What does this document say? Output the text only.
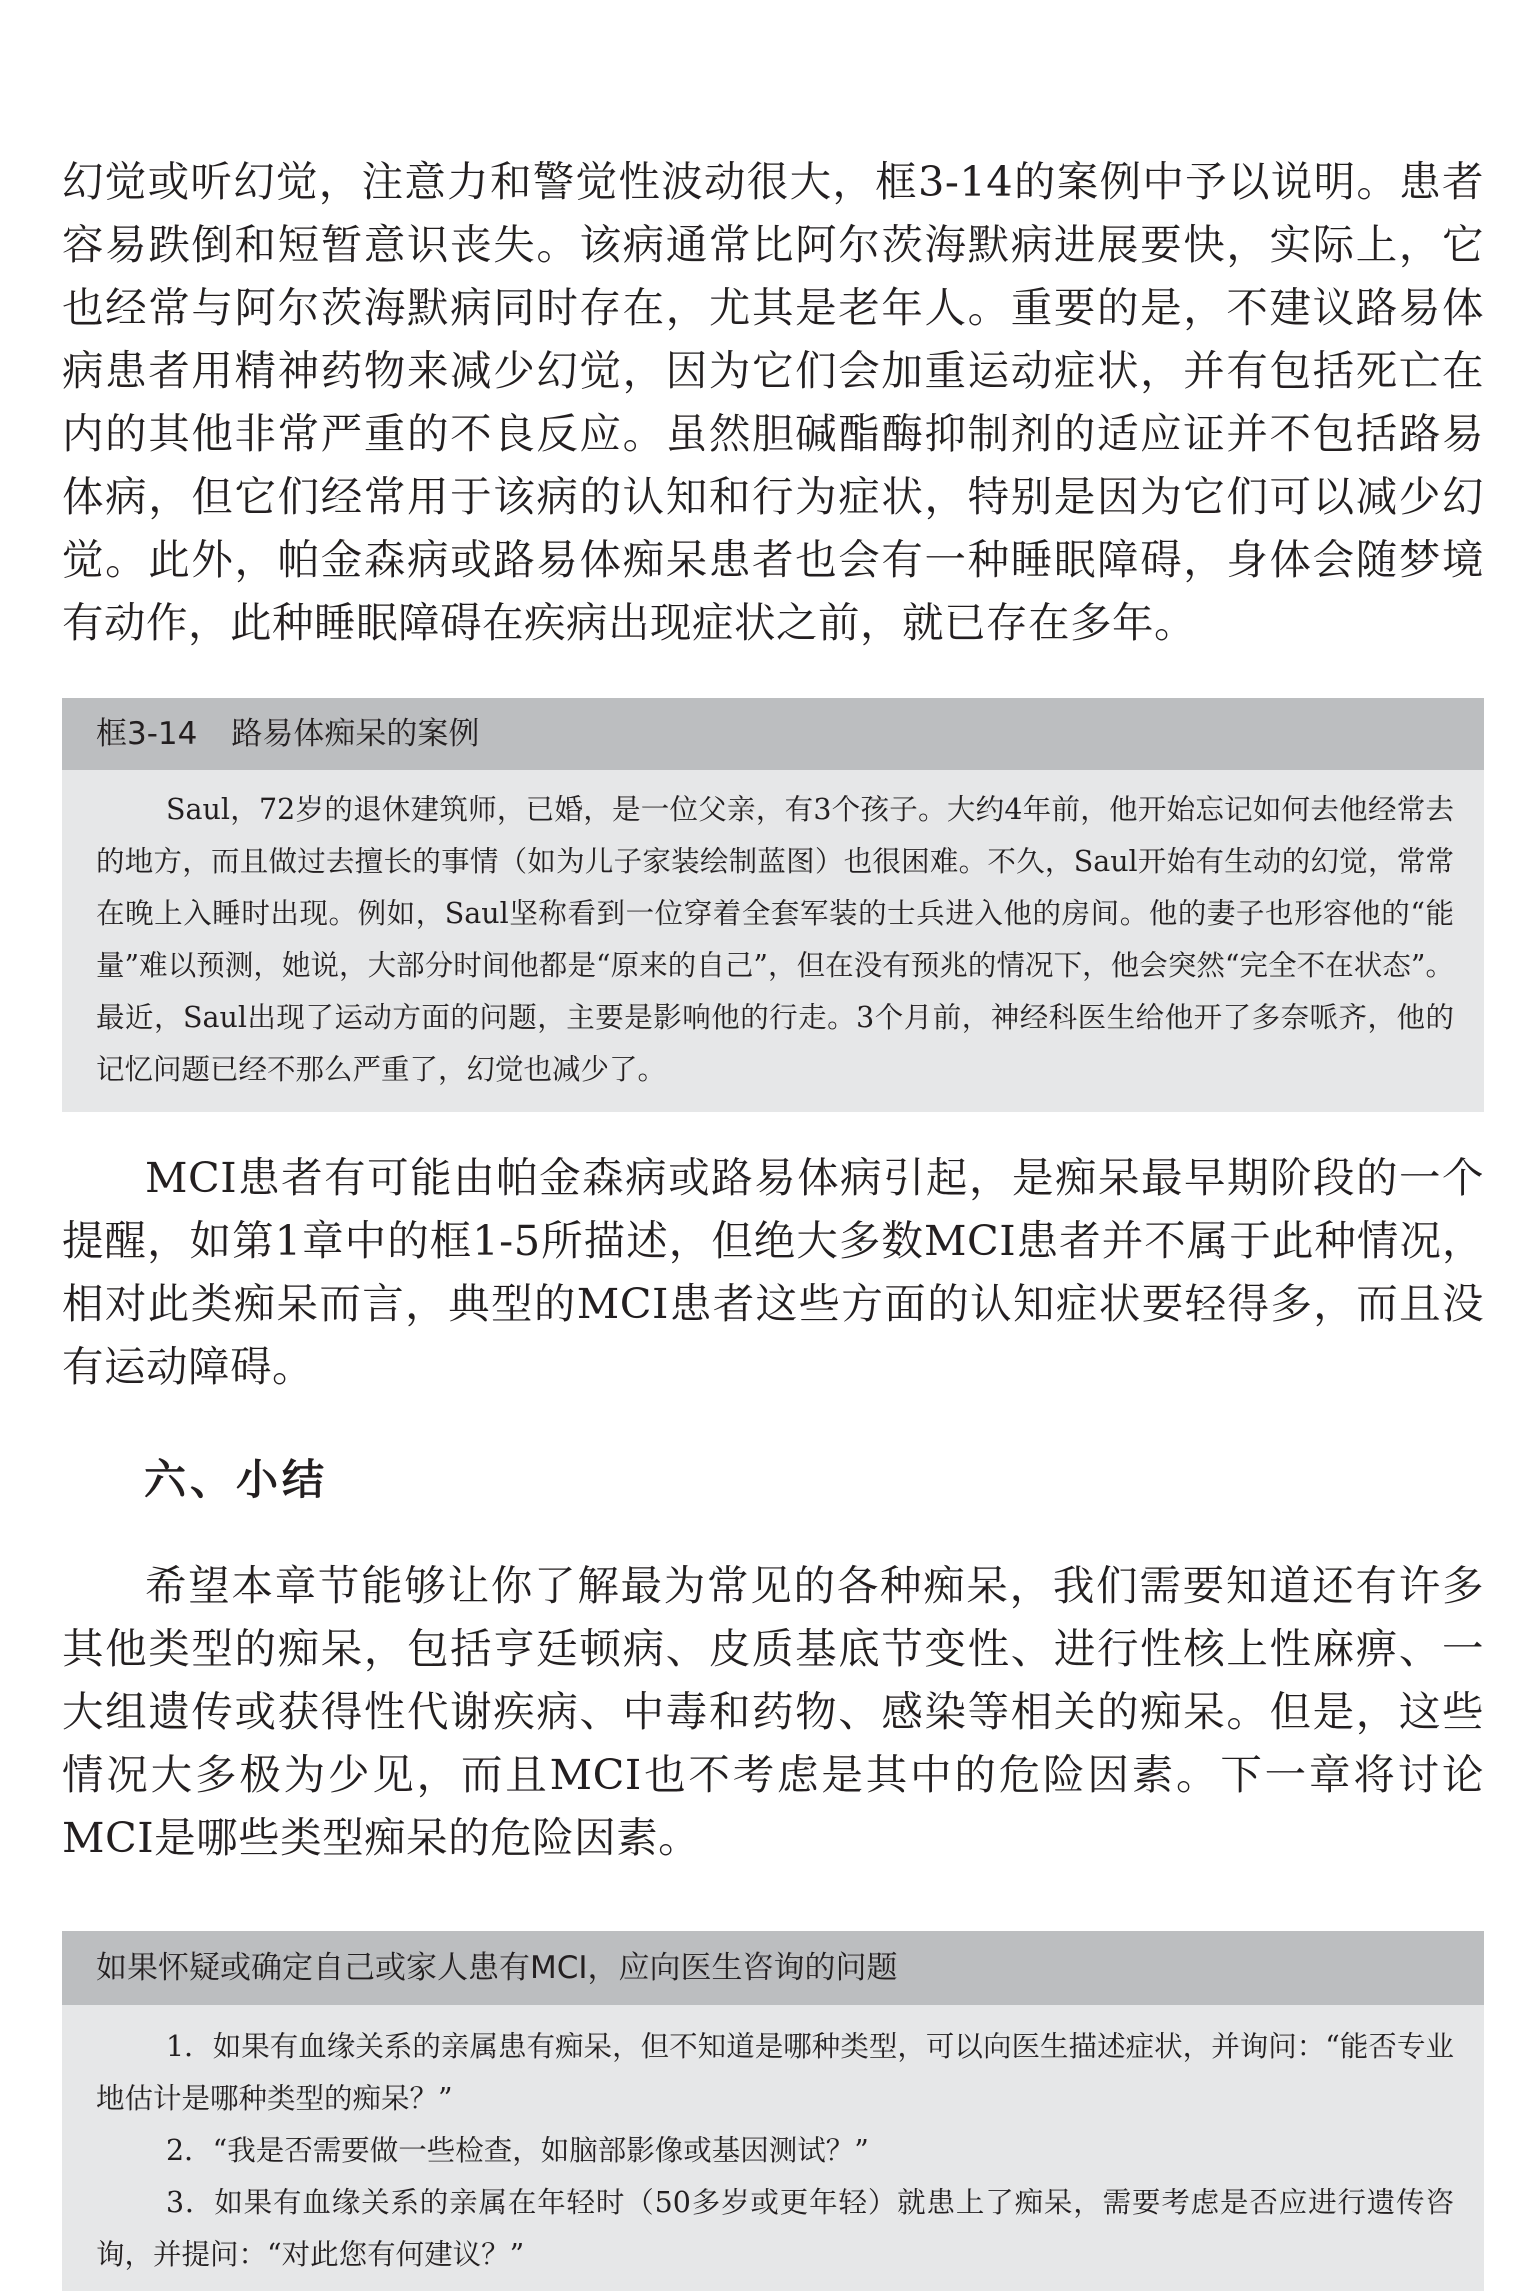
幻觉或听幻觉，注意力和警觉性波动很大，框3-14的案例中予以说明。患者容易跌倒和短暂意识丧失。该病通常比阿尔茨海默病进展要快，实际上，它也经常与阿尔茨海默病同时存在，尤其是老年人。重要的是，不建议路易体病患者用精神药物来减少幻觉，因为它们会加重运动症状，并有包括死亡在内的其他非常严重的不良反应。虽然胆碱酯酶抑制剂的适应证并不包括路易体病，但它们经常用于该病的认知和行为症状，特别是因为它们可以减少幻觉。此外，帕金森病或路易体痴呆患者也会有一种睡眠障碍，身体会随梦境有动作，此种睡眠障碍在疾病出现症状之前，就已存在多年。

框3-14 路易体痴呆的案例

Saul，72岁的退休建筑师，已婚，是一位父亲，有3个孩子。大约4年前，他开始忘记如何去他经常去的地方，而且做过去擅长的事情（如为儿子家装绘制蓝图）也很困难。不久，Saul开始有生动的幻觉，常常在晚上入睡时出现。例如，Saul坚称看到一位穿着全套军装的士兵进入他的房间。他的妻子也形容他的“能量”难以预测，她说，大部分时间他都是“原来的自己”，但在没有预兆的情况下，他会突然“完全不在状态”。最近，Saul出现了运动方面的问题，主要是影响他的行走。3个月前，神经科医生给他开了多奈哌齐，他的记忆问题已经不那么严重了，幻觉也减少了。

MCI患者有可能由帕金森病或路易体病引起，是痴呆最早期阶段的一个提醒，如第1章中的框1-5所描述，但绝大多数MCI患者并不属于此种情况，相对此类痴呆而言，典型的MCI患者这些方面的认知症状要轻得多，而且没有运动障碍。

六、小结

希望本章节能够让你了解最为常见的各种痴呆，我们需要知道还有许多其他类型的痴呆，包括亨廷顿病、皮质基底节变性、进行性核上性麻痹、一大组遗传或获得性代谢疾病、中毒和药物、感染等相关的痴呆。但是，这些情况大多极为少见，而且MCI也不考虑是其中的危险因素。下一章将讨论MCI是哪些类型痴呆的危险因素。

如果怀疑或确定自己或家人患有MCI，应向医生咨询的问题

1．如果有血缘关系的亲属患有痴呆，但不知道是哪种类型，可以向医生描述症状，并询问：“能否专业地估计是哪种类型的痴呆？”

2．“我是否需要做一些检查，如脑部影像或基因测试？”

3．如果有血缘关系的亲属在年轻时（50多岁或更年轻）就患上了痴呆，需要考虑是否应进行遗传咨询，并提问：“对此您有何建议？”
